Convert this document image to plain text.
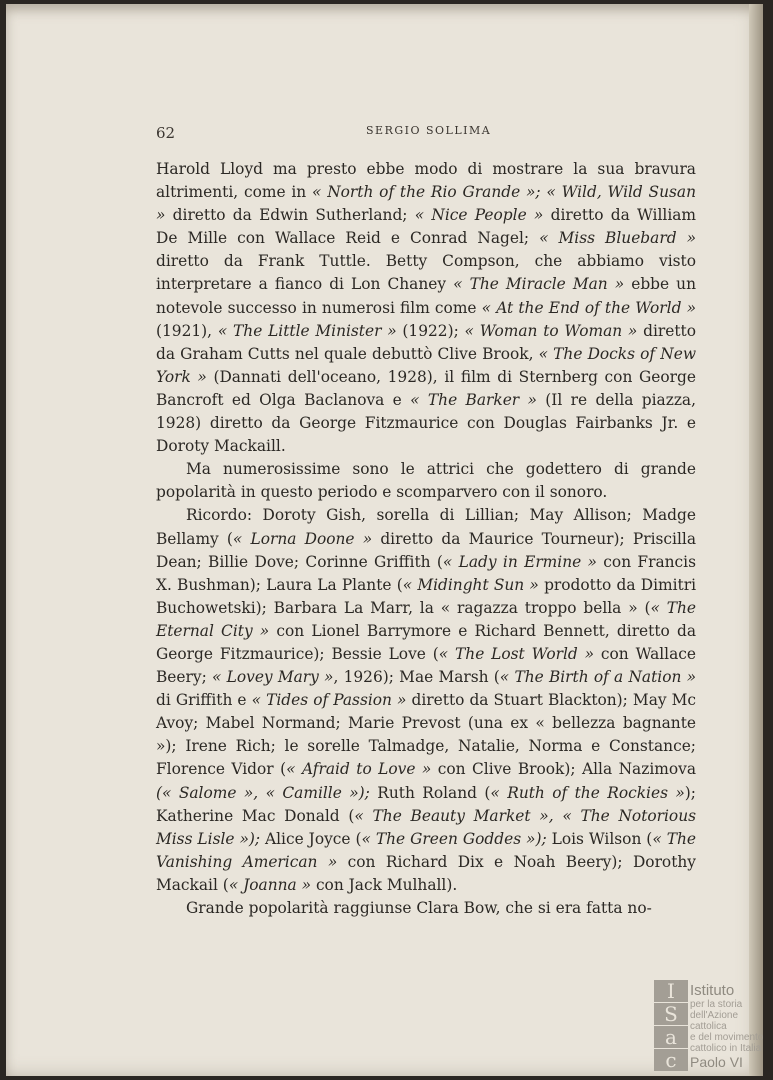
62	SERGIO SOLLIMA

Harold Lloyd ma presto ebbe modo di mostrare la sua bravura altrimenti, come in « North of the Rio Grande »; « Wild, Wild Susan » diretto da Edwin Sutherland; « Nice People » diretto da William De Mille con Wallace Reid e Conrad Nagel; « Miss Bluebard » diretto da Frank Tuttle. Betty Compson, che abbiamo visto interpretare a fianco di Lon Chaney « The Miracle Man » ebbe un notevole successo in numerosi film come « At the End of the World » (1921), « The Little Minister » (1922); « Woman to Woman » diretto da Graham Cutts nel quale debuttò Clive Brook, « The Docks of New York » (Dannati dell'oceano, 1928), il film di Sternberg con George Bancroft ed Olga Baclanova e « The Barker » (Il re della piazza, 1928) diretto da George Fitzmaurice con Douglas Fairbanks Jr. e Doroty Mackaill.

Ma numerosissime sono le attrici che godettero di grande popolarità in questo periodo e scomparvero con il sonoro.

Ricordo: Doroty Gish, sorella di Lillian; May Allison; Madge Bellamy (« Lorna Doone » diretto da Maurice Tourneur); Priscilla Dean; Billie Dove; Corinne Griffith (« Lady in Ermine » con Francis X. Bushman); Laura La Plante (« Midinght Sun » prodotto da Dimitri Buchowetski); Barbara La Marr, la « ragazza troppo bella » (« The Eternal City » con Lionel Barrymore e Richard Bennett, diretto da George Fitzmaurice); Bessie Love (« The Lost World » con Wallace Beery; « Lovey Mary », 1926); Mae Marsh (« The Birth of a Nation » di Griffith e « Tides of Passion » diretto da Stuart Blackton); May Mc Avoy; Mabel Normand; Marie Prevost (una ex « bellezza bagnante »); Irene Rich; le sorelle Talmadge, Natalie, Norma e Constance; Florence Vidor (« Afraid to Love » con Clive Brook); Alla Nazimova (« Salome », « Camille »); Ruth Roland (« Ruth of the Rockies »); Katherine Mac Donald (« The Beauty Market », « The Notorious Miss Lisle »); Alice Joyce (« The Green Goddes »); Lois Wilson (« The Vanishing American » con Richard Dix e Noah Beery); Dorothy Mackail (« Joanna » con Jack Mulhall).

Grande popolarità raggiunse Clara Bow, che si era fatta no-

I
S
a
c
Istituto
per la storia
dell'Azione cattolica
e del movimento
cattolico in Italia
Paolo VI
